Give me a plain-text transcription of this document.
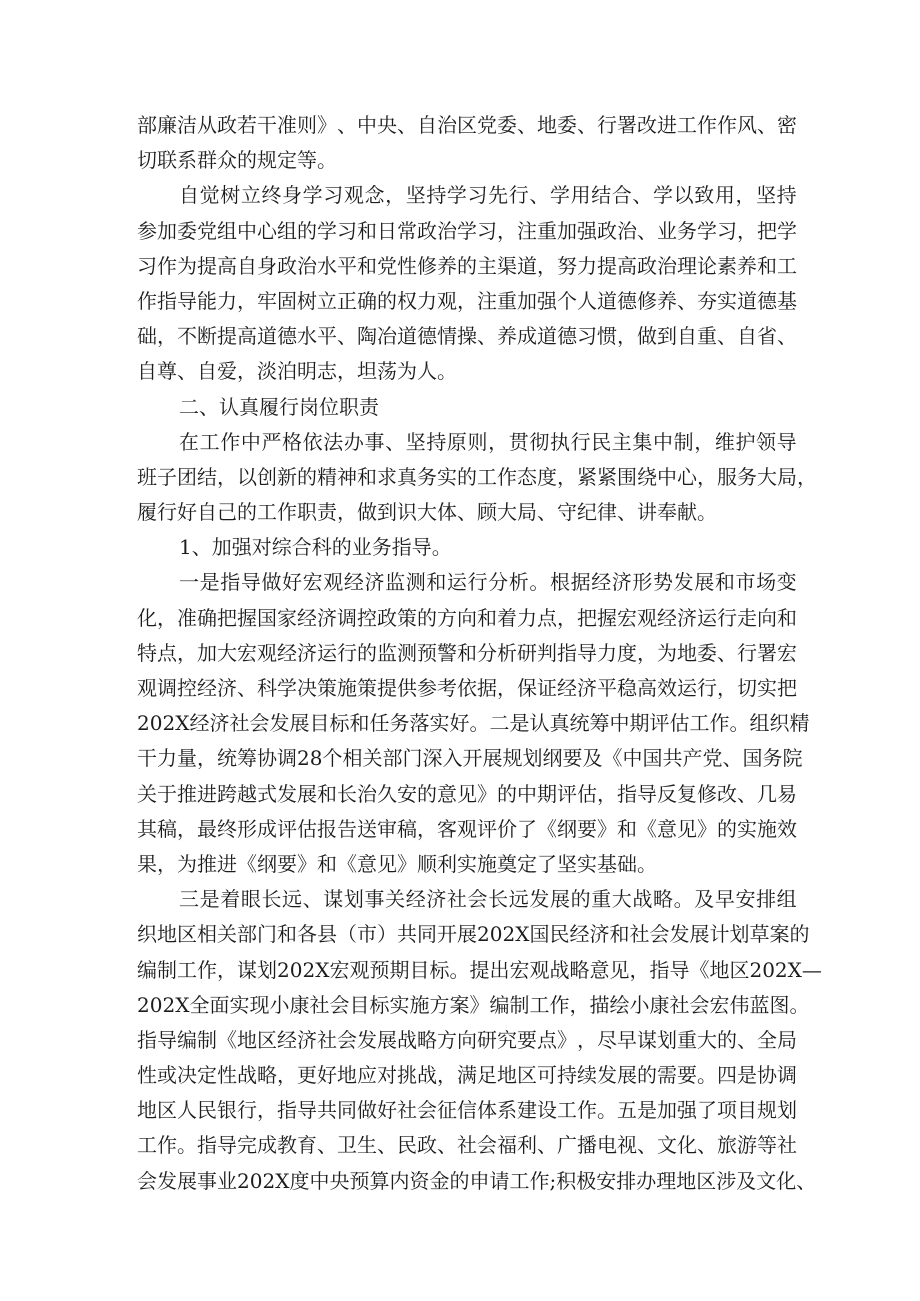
部 廉 洁 从 政 若 干 准 则 》 、 中 央 、 自 治 区 党 委 、 地 委 、 行 署 改 进 工 作 作 风 、 密
切联系群众的规定等。
自 觉 树 立 终 身 学 习 观 念 ， 坚 持 学 习 先 行 、 学 用 结 合 、 学 以 致 用 ， 坚 持
参 加 委 党 组 中 心 组 的 学 习 和 日 常 政 治 学 习 ， 注 重 加 强 政 治 、 业 务 学 习 ， 把 学
习 作 为 提 高 自 身 政 治 水 平 和 党 性 修 养 的 主 渠 道 ， 努 力 提 高 政 治 理 论 素 养 和 工
作 指 导 能 力 ， 牢 固 树 立 正 确 的 权 力 观 ， 注 重 加 强 个 人 道 德 修 养 、 夯 实 道 德 基
础 ， 不 断 提 高 道 德 水 平 、 陶 冶 道 德 情 操 、 养 成 道 德 习 惯 ， 做 到 自 重 、 自 省 、
自尊、自爱，淡泊明志，坦荡为人。
二、认真履行岗位职责
在 工 作 中 严 格 依 法 办 事 、 坚 持 原 则 ， 贯 彻 执 行 民 主 集 中 制 ， 维 护 领 导
班 子 团 结 ， 以 创 新 的 精 神 和 求 真 务 实 的 工 作 态 度 ， 紧 紧 围 绕 中 心 ， 服 务 大 局 ，
履行好自己的工作职责，做到识大体、顾大局、守纪律、讲奉献。
1、加强对综合科的业务指导。
一 是 指 导 做 好 宏 观 经 济 监 测 和 运 行 分 析 。 根 据 经 济 形 势 发 展 和 市 场 变
化 ， 准 确 把 握 国 家 经 济 调 控 政 策 的 方 向 和 着 力 点 ， 把 握 宏 观 经 济 运 行 走 向 和
特 点 ， 加 大 宏 观 经 济 运 行 的 监 测 预 警 和 分 析 研 判 指 导 力 度 ， 为 地 委 、 行 署 宏
观 调 控 经 济 、 科 学 决 策 施 策 提 供 参 考 依 据 ， 保 证 经 济 平 稳 高 效 运 行 ， 切 实 把
2 0 2 X 经 济 社 会 发 展 目 标 和 任 务 落 实 好 。 二 是 认 真 统 筹 中 期 评 估 工 作 。 组 织 精
干 力 量 ， 统 筹 协 调 2 8 个 相 关 部 门 深 入 开 展 规 划 纲 要 及 《 中 国 共 产 党 、 国 务 院
关 于 推 进 跨 越 式 发 展 和 长 治 久 安 的 意 见 》 的 中 期 评 估 ， 指 导 反 复 修 改 、 几 易
其 稿 ， 最 终 形 成 评 估 报 告 送 审 稿 ， 客 观 评 价 了 《 纲 要 》 和 《 意 见 》 的 实 施 效
果，为推进《纲要》和《意见》顺利实施奠定了坚实基础。
三 是 着 眼 长 远 、 谋 划 事 关 经 济 社 会 长 远 发 展 的 重 大 战 略 。 及 早 安 排 组
织 地 区 相 关 部 门 和 各 县 （ 市 ） 共 同 开 展 2 0 2 X 国 民 经 济 和 社 会 发 展 计 划 草 案 的
编 制 工 作 ， 谋 划 2 0 2 X 宏 观 预 期 目 标 。 提 出 宏 观 战 略 意 见 ， 指 导 《 地 区 2 0 2 X —
2 0 2 X 全 面 实 现 小 康 社 会 目 标 实 施 方 案 》 编 制 工 作 ， 描 绘 小 康 社 会 宏 伟 蓝 图 。
指 导 编 制 《 地 区 经 济 社 会 发 展 战 略 方 向 研 究 要 点 》 ， 尽 早 谋 划 重 大 的 、 全 局
性 或 决 定 性 战 略 ， 更 好 地 应 对 挑 战 ， 满 足 地 区 可 持 续 发 展 的 需 要 。 四 是 协 调
地 区 人 民 银 行 ， 指 导 共 同 做 好 社 会 征 信 体 系 建 设 工 作 。 五 是 加 强 了 项 目 规 划
工 作 。 指 导 完 成 教 育 、 卫 生 、 民 政 、 社 会 福 利 、 广 播 电 视 、 文 化 、 旅 游 等 社
会 发 展 事 业 2 0 2 X 度 中 央 预 算 内 资 金 的 申 请 工 作 ; 积 极 安 排 办 理 地 区 涉 及 文 化 、
